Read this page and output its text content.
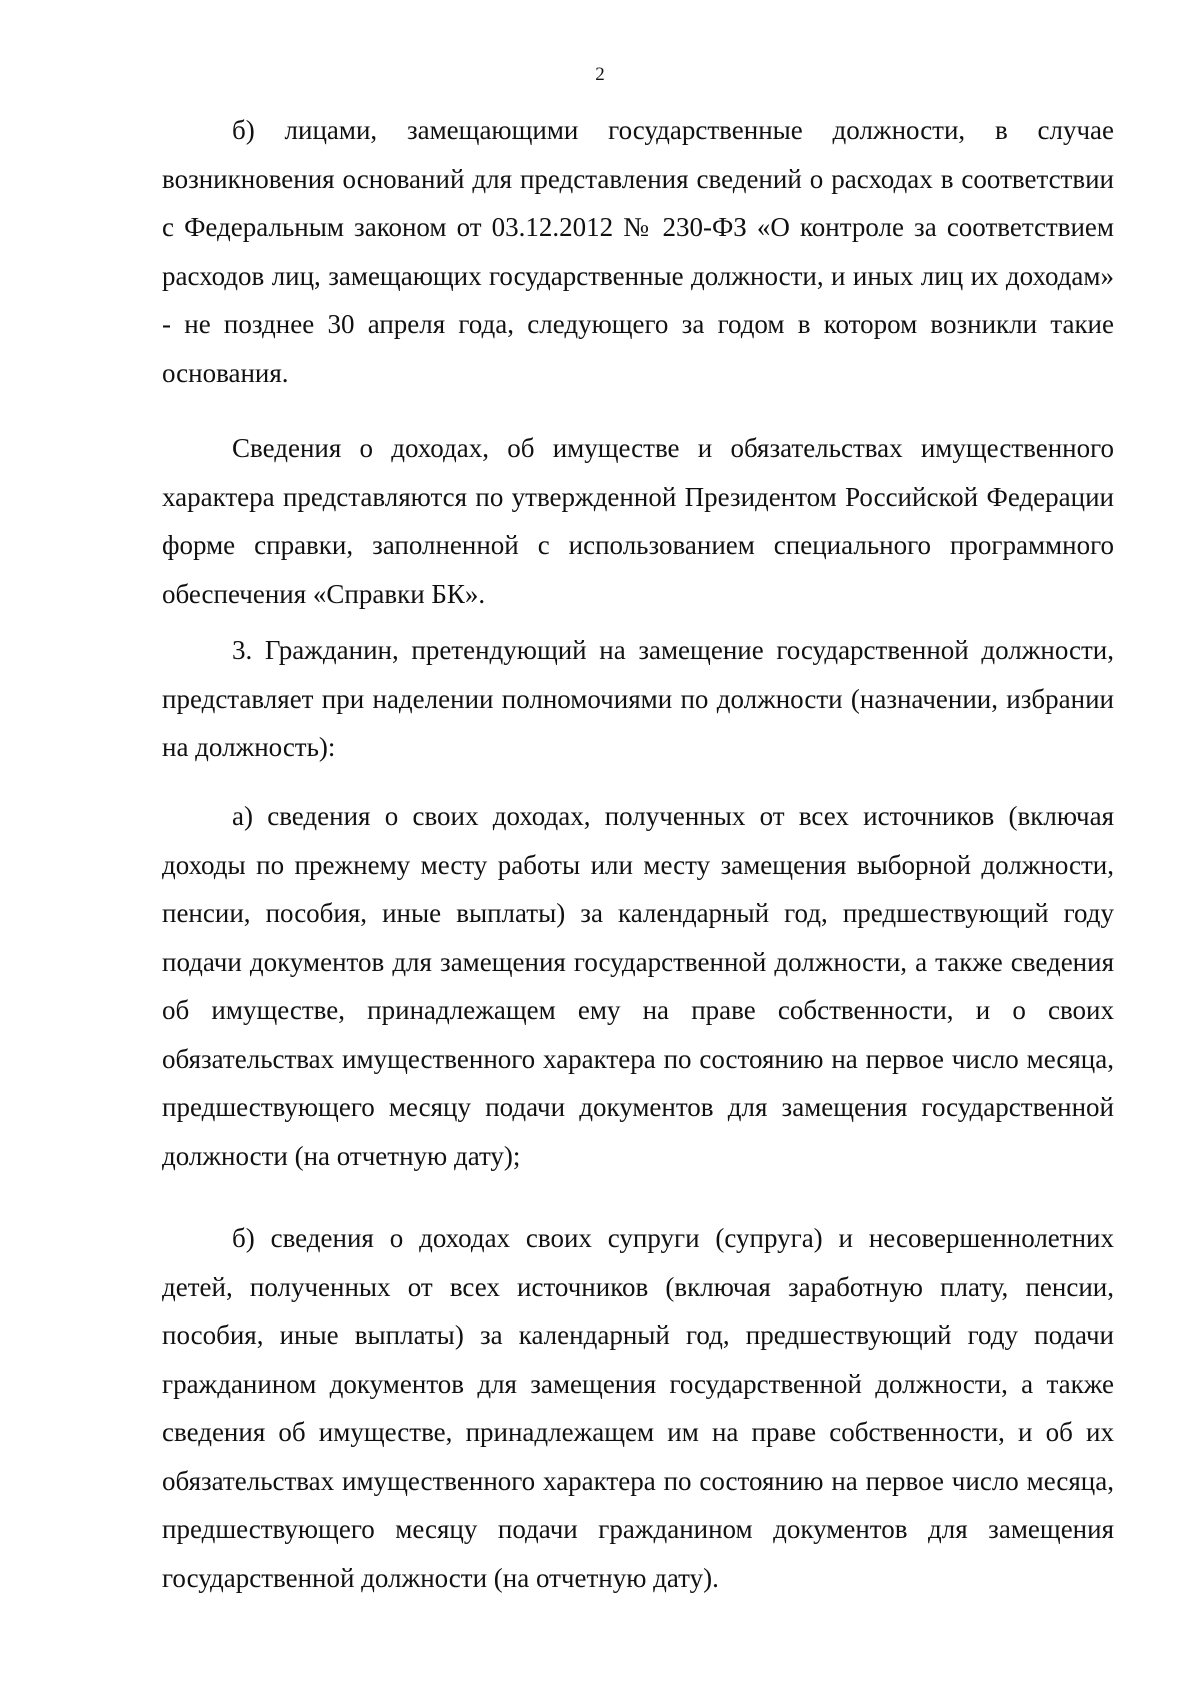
2

б) лицами, замещающими государственные должности, в случае возникновения оснований для представления сведений о расходах в соответствии с Федеральным законом от 03.12.2012 № 230-ФЗ «О контроле за соответствием расходов лиц, замещающих государственные должности, и иных лиц их доходам» - не позднее 30 апреля года, следующего за годом в котором возникли такие основания.

Сведения о доходах, об имуществе и обязательствах имущественного характера представляются по утвержденной Президентом Российской Федерации форме справки, заполненной с использованием специального программного обеспечения «Справки БК».

3. Гражданин, претендующий на замещение государственной должности, представляет при наделении полномочиями по должности (назначении, избрании на должность):

а) сведения о своих доходах, полученных от всех источников (включая доходы по прежнему месту работы или месту замещения выборной должности, пенсии, пособия, иные выплаты) за календарный год, предшествующий году подачи документов для замещения государственной должности, а также сведения об имуществе, принадлежащем ему на праве собственности, и о своих обязательствах имущественного характера по состоянию на первое число месяца, предшествующего месяцу подачи документов для замещения государственной должности (на отчетную дату);

б) сведения о доходах своих супруги (супруга) и несовершеннолетних детей, полученных от всех источников (включая заработную плату, пенсии, пособия, иные выплаты) за календарный год, предшествующий году подачи гражданином документов для замещения государственной должности, а также сведения об имуществе, принадлежащем им на праве собственности, и об их обязательствах имущественного характера по состоянию на первое число месяца, предшествующего месяцу подачи гражданином документов для замещения государственной должности (на отчетную дату).
